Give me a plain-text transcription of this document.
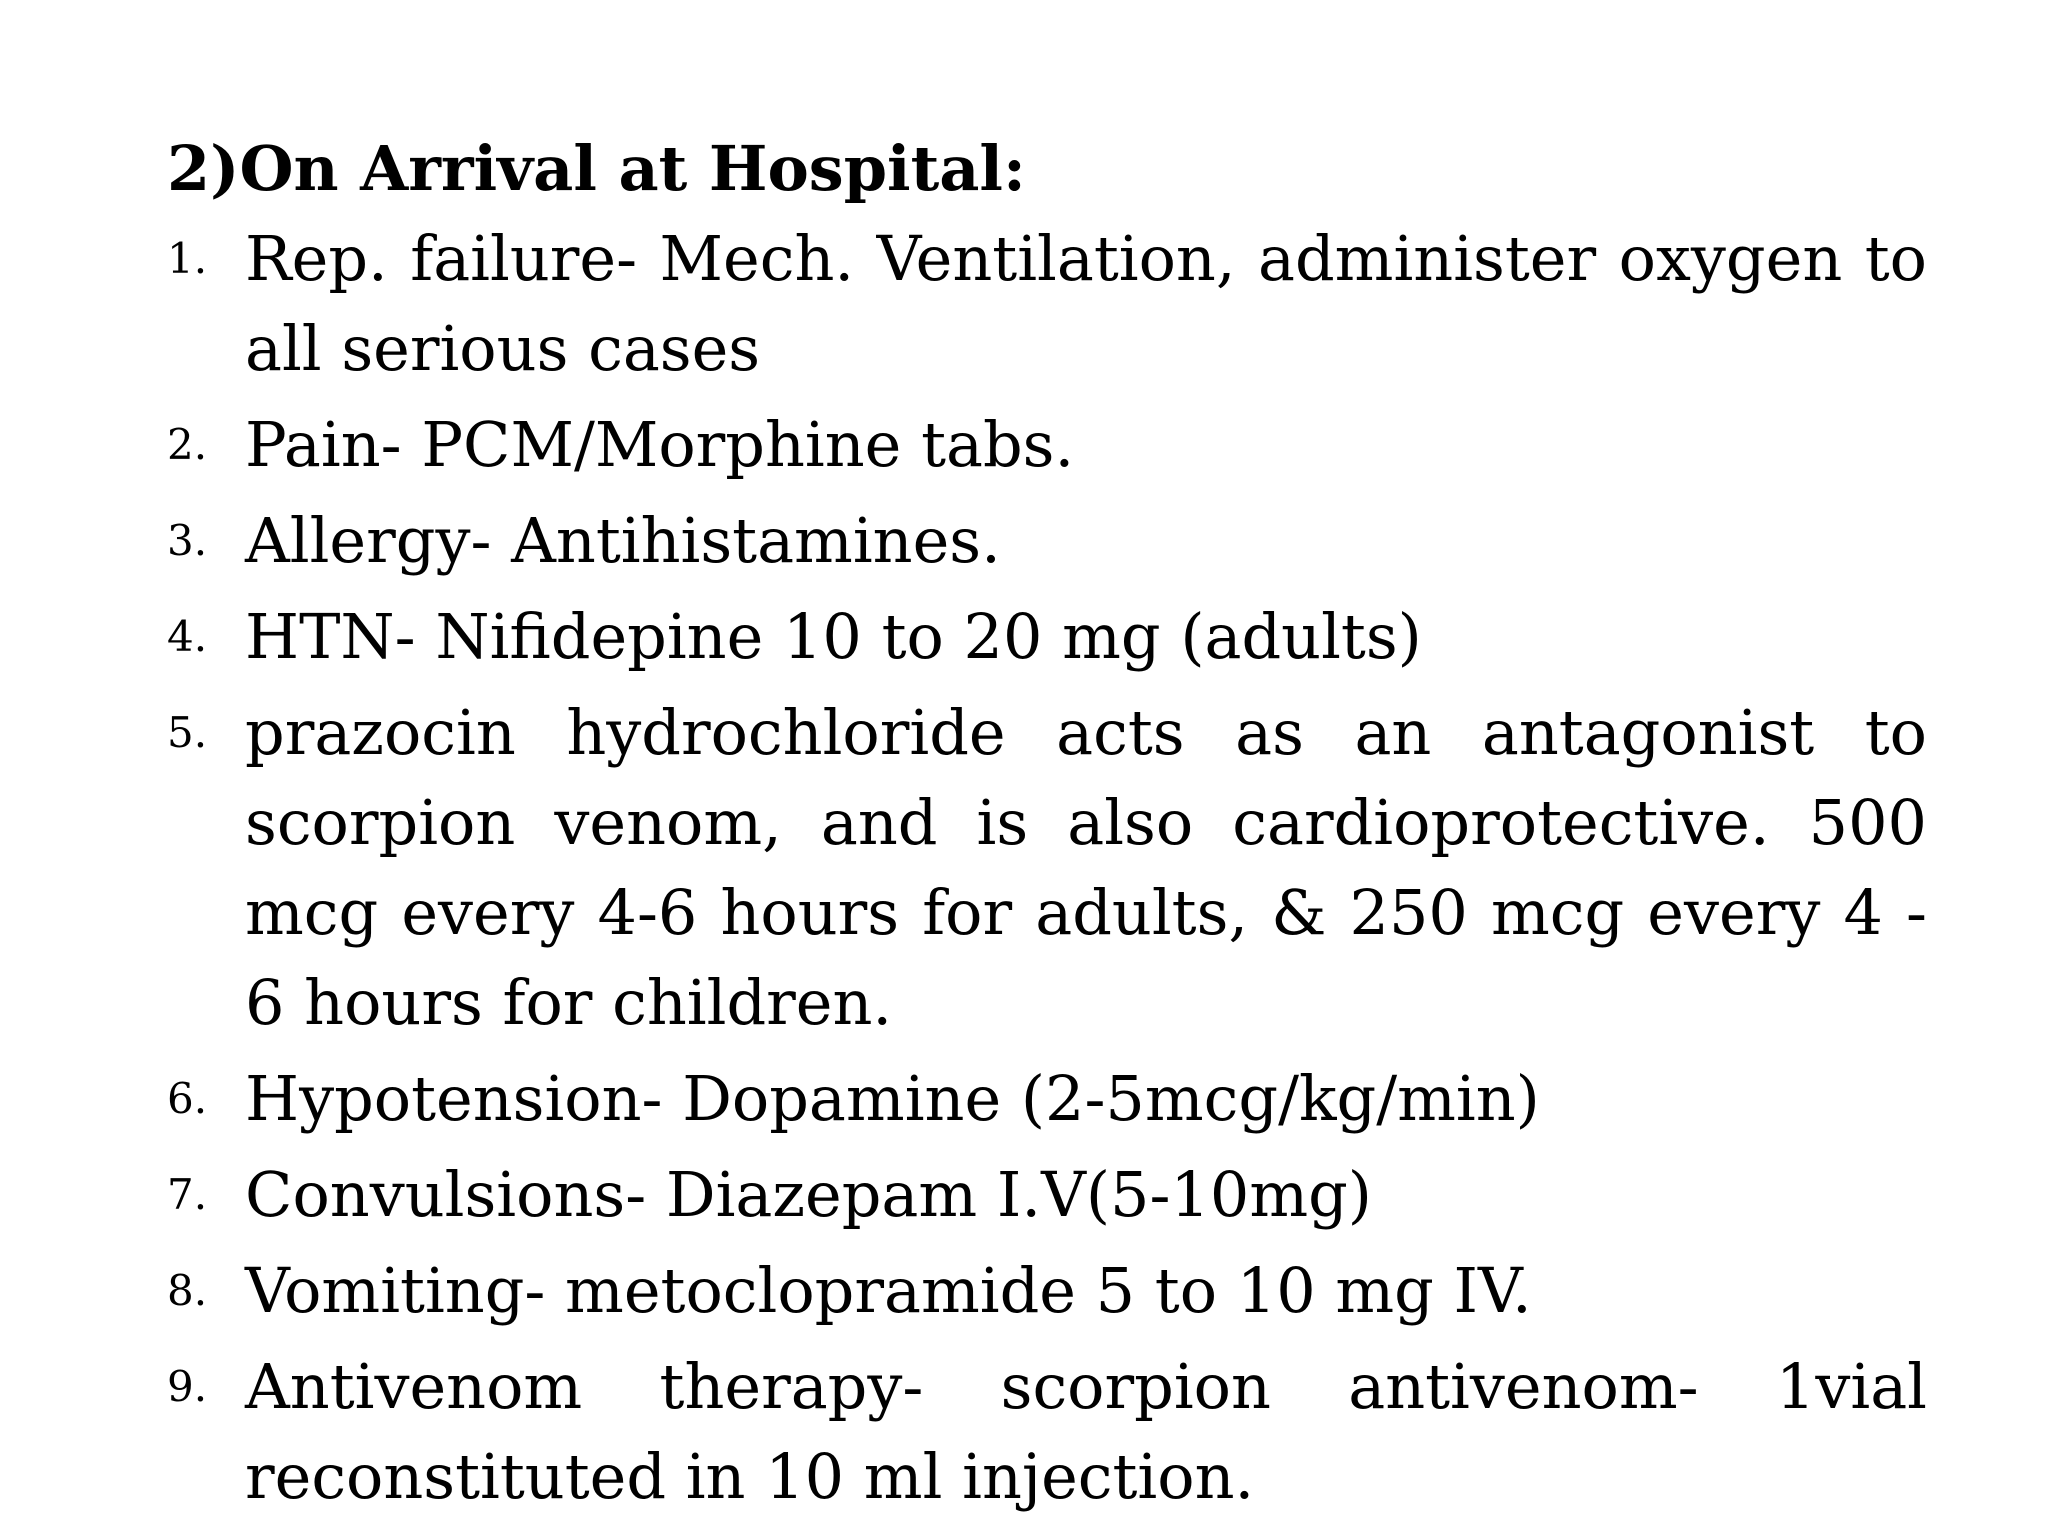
2)On Arrival at Hospital:
1. Rep. failure- Mech. Ventilation, administer oxygen to all serious cases
2. Pain- PCM/Morphine tabs.
3. Allergy- Antihistamines.
4. HTN- Nifidepine 10 to 20 mg (adults)
5. prazocin hydrochloride acts as an antagonist to scorpion venom, and is also cardioprotective. 500 mcg every 4-6 hours for adults, & 250 mcg every 4 - 6 hours for children.
6. Hypotension- Dopamine (2-5mcg/kg/min)
7. Convulsions- Diazepam I.V(5-10mg)
8. Vomiting- metoclopramide 5 to 10 mg IV.
9. Antivenom therapy- scorpion antivenom- 1vial reconstituted in 10 ml injection.
